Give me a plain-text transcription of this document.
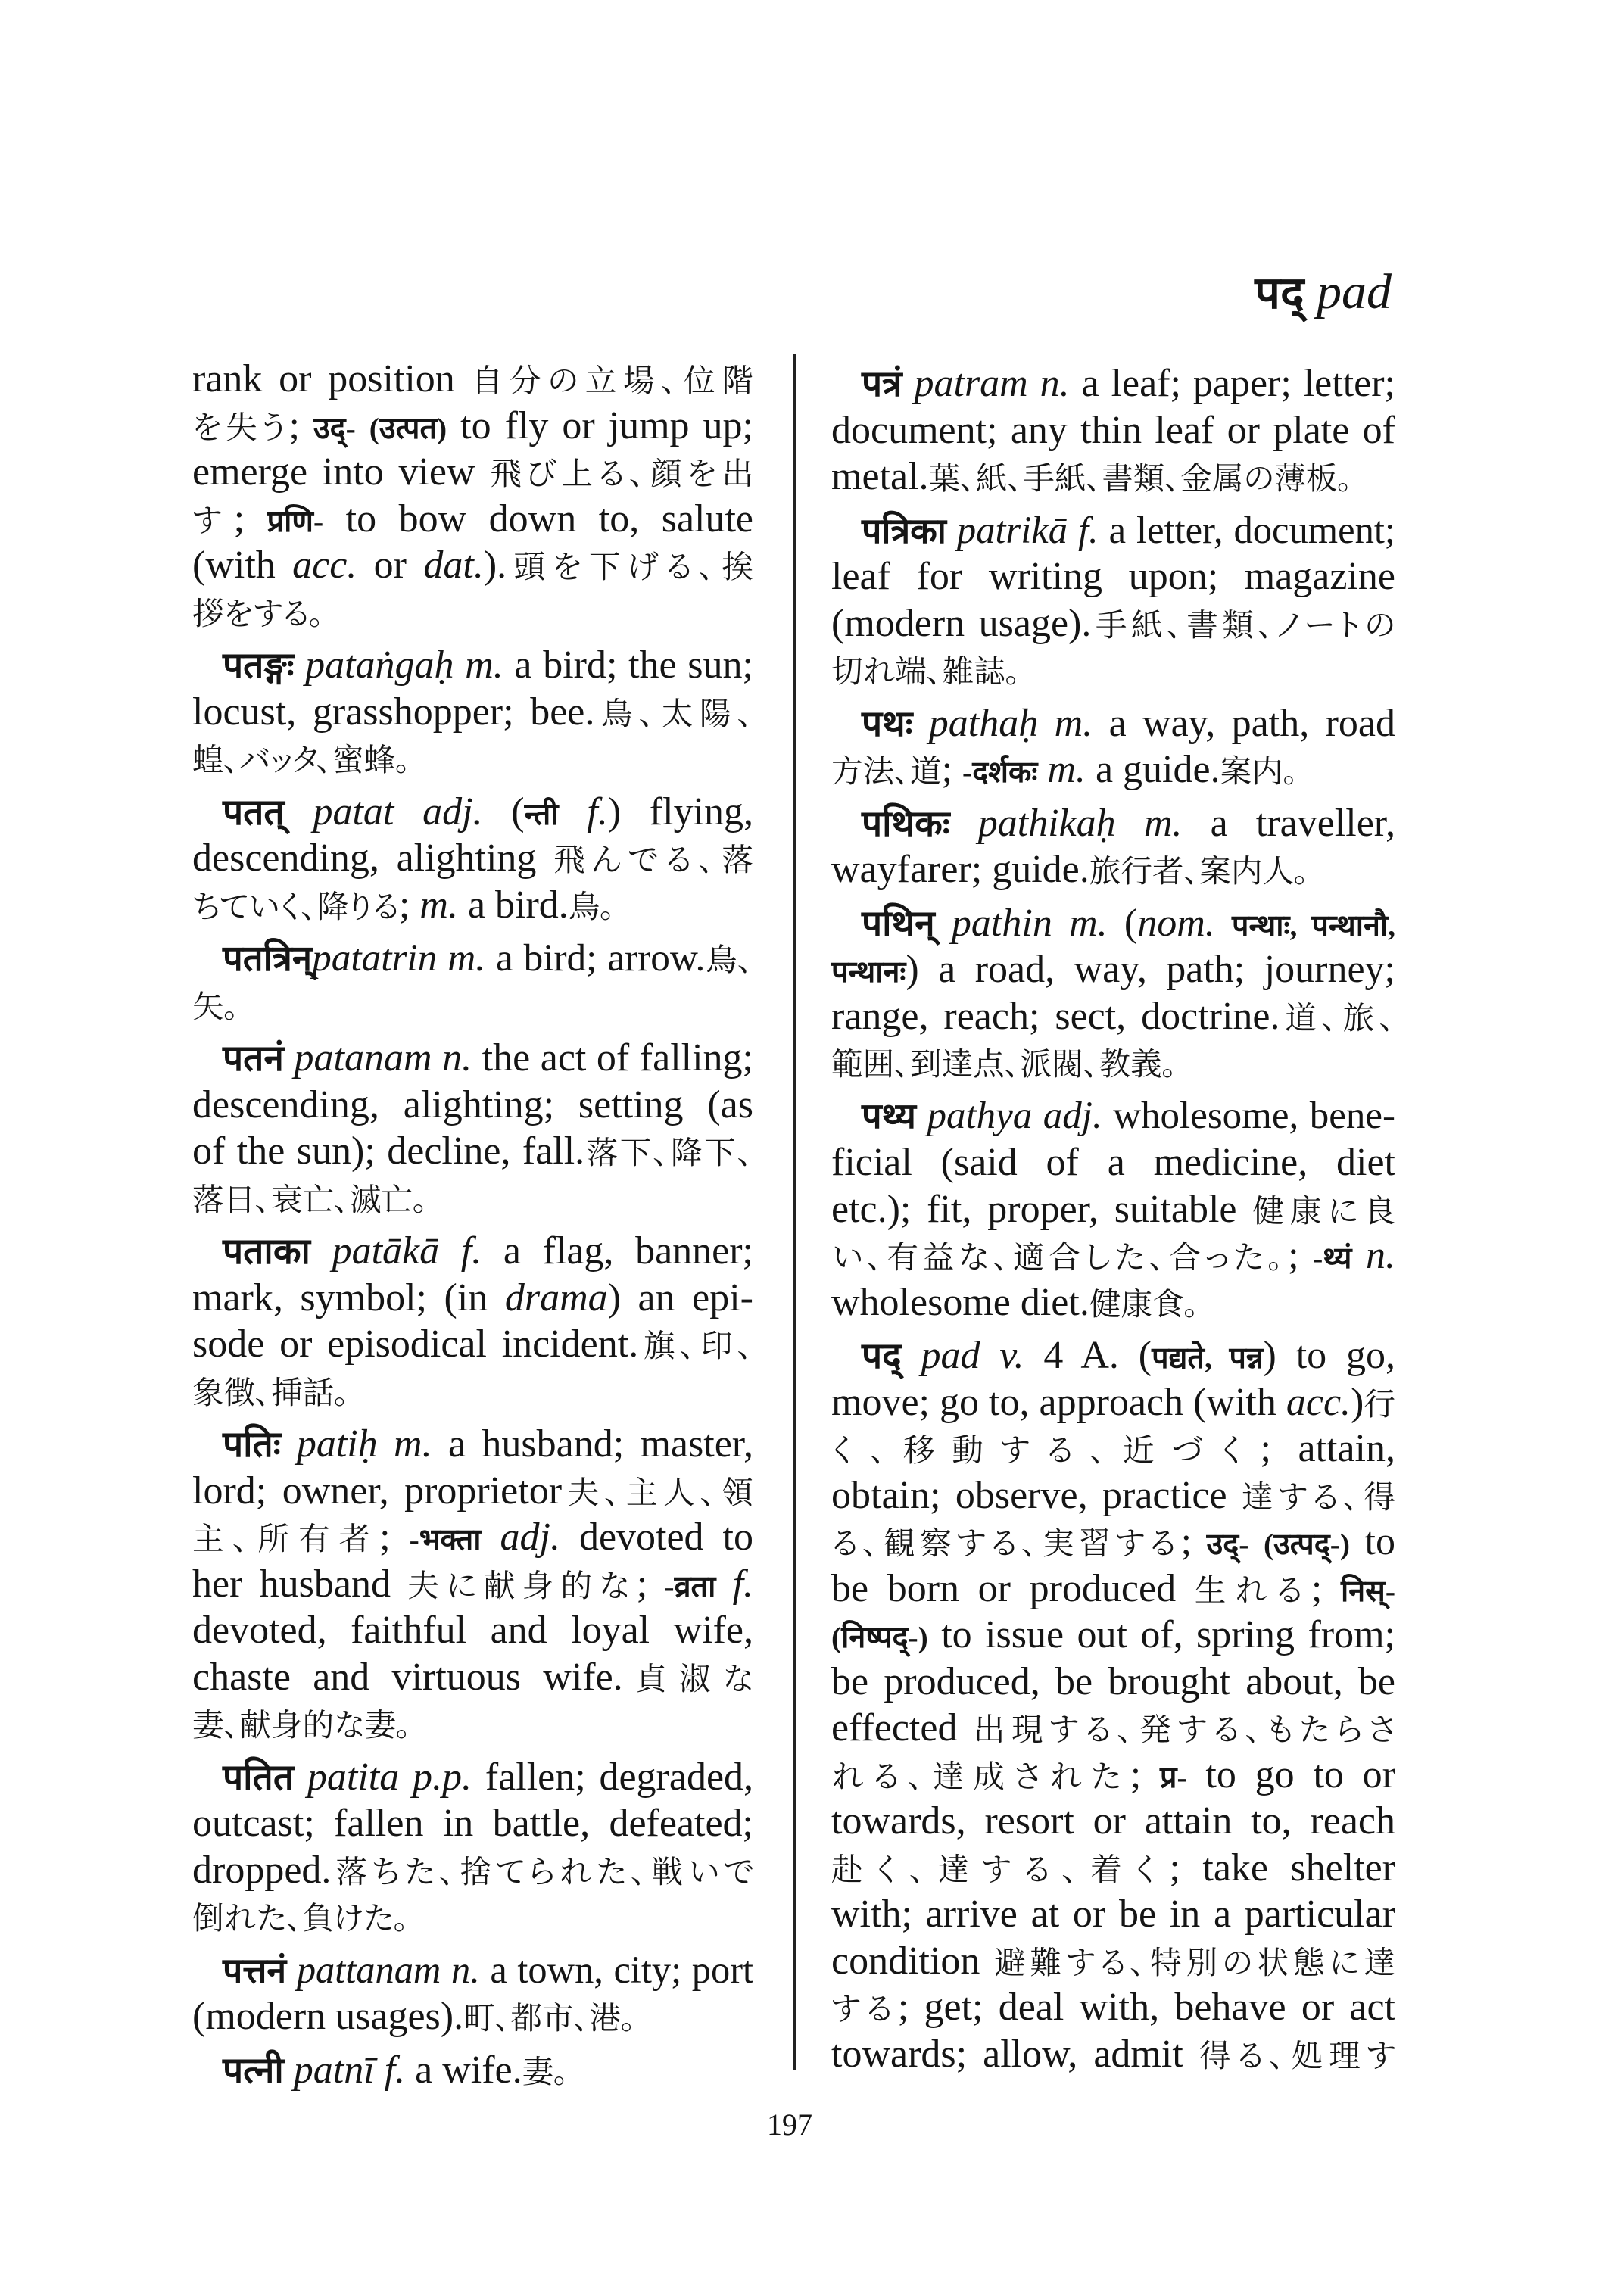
पद् pad
rank or position 自分の立場、位階
を失う; उद्- (उत्पत) to fly or jump up;
emerge into view 飛び上る、顔を出
す; प्रणि- to bow down to, salute
(with acc. or dat.).頭を下げる、挨
拶をする。
पतङ्गः pataṅgaḥ m. a bird; the sun;
locust, grasshopper; bee.鳥、太陽、
蝗、バッタ、蜜蜂。
पतत् patat adj. (न्ती f.) flying,
descending, alighting 飛んでる、落
ちていく、降りる; m. a bird.鳥。
पतत्रिन्patatrin m. a bird; arrow.鳥、
矢。
पतनं patanam n. the act of falling;
descending, alighting; setting (as
of the sun); decline, fall.落下、降下、
落日、衰亡、滅亡。
पताका patākā f. a flag, banner;
mark, symbol; (in drama) an epi-
sode or episodical incident.旗、印、
象徴、挿話。
पतिः patiḥ m. a husband; master,
lord; owner, proprietor夫、主人、領
主、所有者; -भक्ता adj. devoted to
her husband 夫に献身的な; -व्रता f.
devoted, faithful and loyal wife,
chaste and virtuous wife.貞淑な
妻、献身的な妻。
पतित patita p.p. fallen; degraded,
outcast; fallen in battle, defeated;
dropped.落ちた、捨てられた、戦いで
倒れた、負けた。
पत्तनं pattanam n. a town, city; port
(modern usages).町、都市、港。
पत्नी patnī f. a wife.妻。
पत्रं patram n. a leaf; paper; letter;
document; any thin leaf or plate of
metal.葉、紙、手紙、書類、金属の薄板。
पत्रिका patrikā f. a letter, document;
leaf for writing upon; magazine
(modern usage).手紙、書類、ノートの
切れ端、雑誌。
पथः pathaḥ m. a way, path, road
方法、道; -दर्शकः m. a guide.案内。
पथिकः pathikaḥ m. a traveller,
wayfarer; guide.旅行者、案内人。
पथिन् pathin m. (nom. पन्थाः, पन्थानौ,
पन्थानः) a road, way, path; journey;
range, reach; sect, doctrine.道、旅、
範囲、到達点、派閥、教義。
पथ्य pathya adj. wholesome, bene-
ficial (said of a medicine, diet
etc.); fit, proper, suitable 健康に良
い、有益な、適合した、合った。; -थ्यं n.
wholesome diet.健康食。
पद् pad v. 4 A. (पद्यते, पन्न) to go,
move; go to, approach (with acc.)行
く、移動する、近づく; attain,
obtain; observe, practice 達する、得
る、観察する、実習する; उद्- (उत्पद्-) to
be born or produced 生れる; निस्-
(निष्पद्-) to issue out of, spring from;
be produced, be brought about, be
effected 出現する、発する、もたらさ
れる、達成された; प्र- to go to or
towards, resort or attain to, reach
赴く、達する、着く; take shelter
with; arrive at or be in a particular
condition 避難する、特別の状態に達
する; get; deal with, behave or act
towards; allow, admit 得る、処理す
197
